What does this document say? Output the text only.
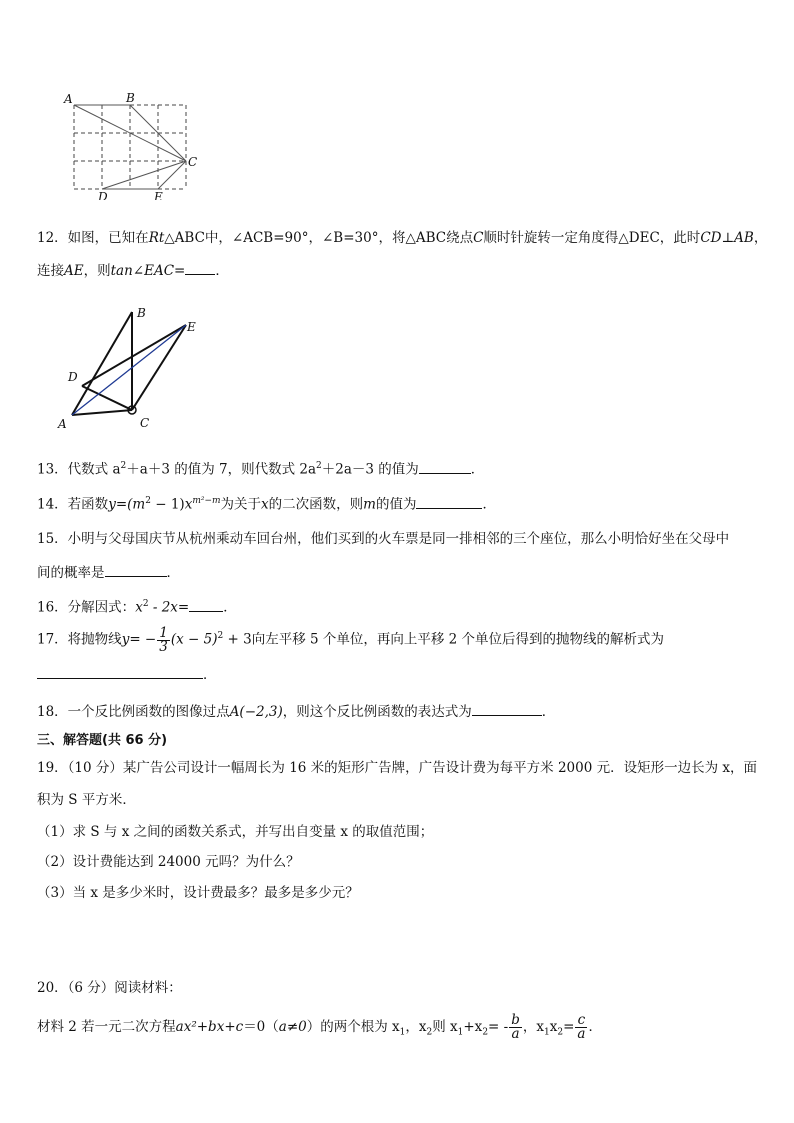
A	B
C
D	E
12．如图，已知在Rt△ABC中，∠ACB=90°，∠B=30°，将△ABC绕点C顺时针旋转一定角度得△DEC，此时CD⊥AB，
连接AE，则tan∠EAC= ．
A
B
C
D
E
13．代数式 $a^2+a+3$ 的值为 7，则代数式 $2a^2+2a-3$ 的值为	．
14．若函数$y=(m^2 - 1)x^{m^2-m}$为关于x的二次函数，则m的值为	．
15．小明与父母国庆节从杭州乘动车回台州，他们买到的火车票是同一排相邻的三个座位，那么小明恰好坐在父母中
间的概率是	．
16．分解因式：$x^2 - 2x=$	．
17．将抛物线$y= - \frac{1}{3} (x - 5)^2 + 3$向左平移 5 个单位，再向上平移 2 个单位后得到的抛物线的解析式为
．
18．一个反比例函数的图像过点A(−2,3)，则这个反比例函数的表达式为	．
三、解答题(共 66 分)
19．（10 分）某广告公司设计一幅周长为 16 米的矩形广告牌，广告设计费为每平方米 2000 元．设矩形一边长为 x，面
积为 S 平方米．
（1）求 S 与 x 之间的函数关系式，并写出自变量 x 的取值范围；
（2）设计费能达到 24000 元吗？为什么？
（3）当 x 是多少米时，设计费最多？最多是多少元？
20．（6 分）阅读材料：
材料 2 若一元二次方程ax²+bx+c＝0（a≠0）的两个根为 $x_1$，$x_2$则 $x_1+x_2= - \frac{b}{a}$ ，$x_1x_2= \frac{c}{a}$ ．
